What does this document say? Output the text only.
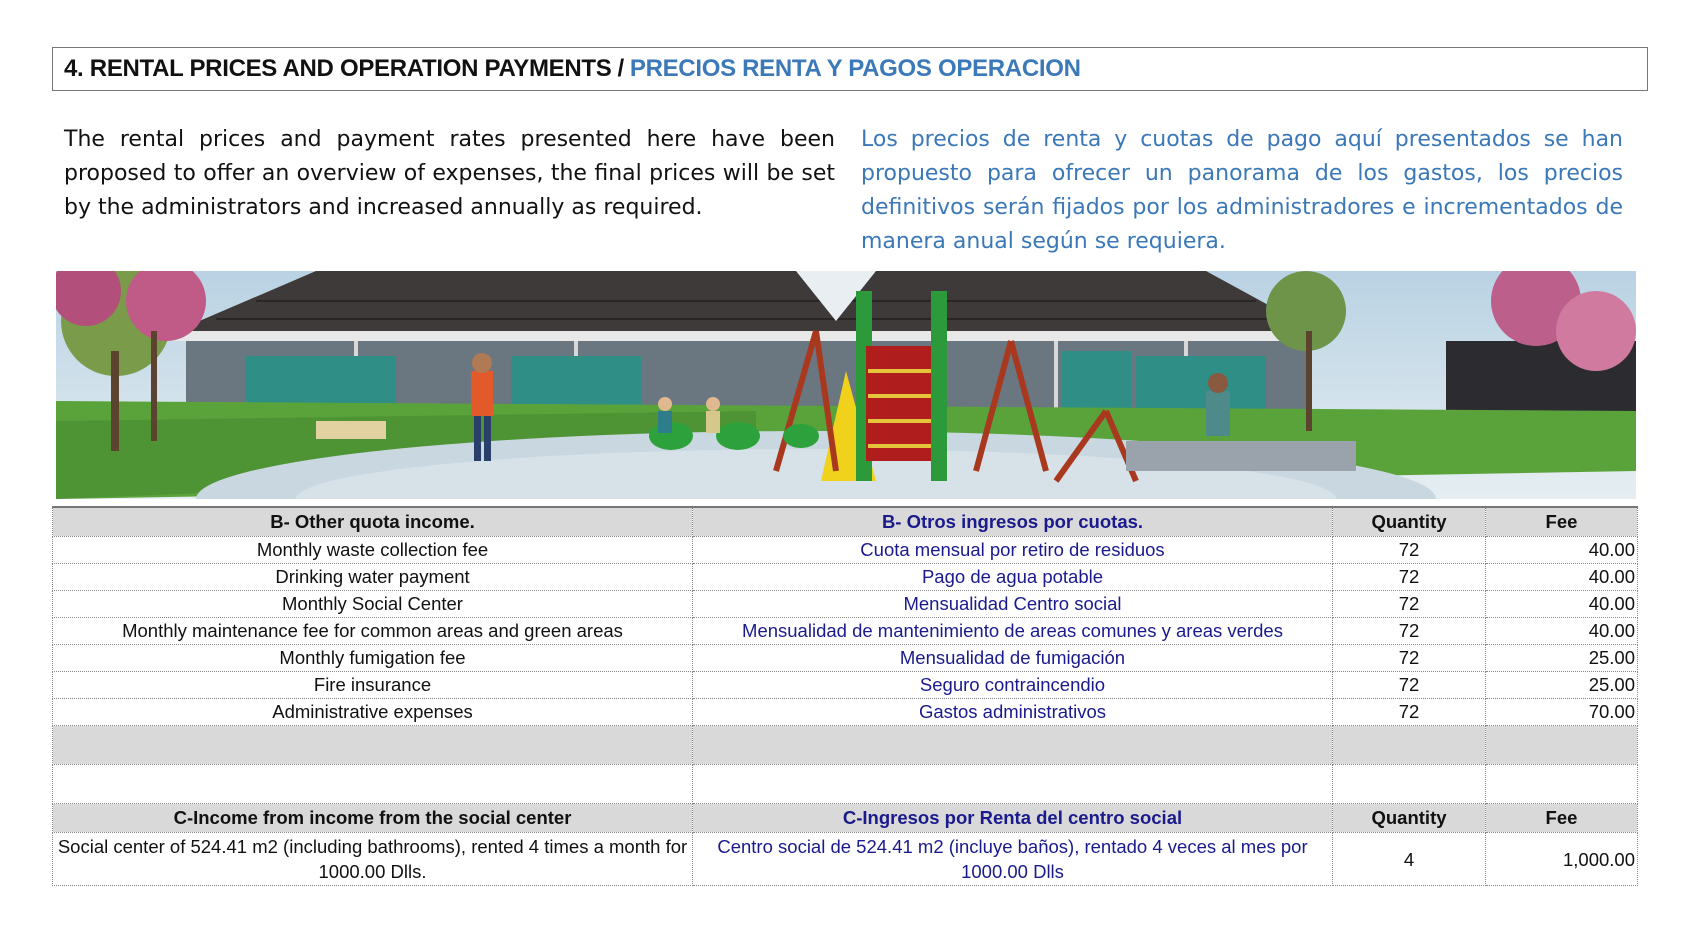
4. RENTAL PRICES AND OPERATION PAYMENTS / PRECIOS RENTA Y PAGOS OPERACION
The rental prices and payment rates presented here have been proposed to offer an overview of expenses, the final prices will be set by the administrators and increased annually as required.
Los precios de renta y cuotas de pago aquí presentados se han propuesto para ofrecer un panorama de los gastos, los precios definitivos serán fijados por los administradores e incrementados de manera anual según se requiera.
B- Other quota income.	B- Otros ingresos por cuotas.	Quantity	Fee
Monthly waste collection fee	Cuota mensual por retiro de residuos	72	40.00
Drinking water payment	Pago de agua potable	72	40.00
Monthly Social Center	Mensualidad Centro social	72	40.00
Monthly maintenance fee for common areas and green areas	Mensualidad de mantenimiento de areas comunes y areas verdes	72	40.00
Monthly fumigation fee	Mensualidad de fumigación	72	25.00
Fire insurance	Seguro contraincendio	72	25.00
Administrative expenses	Gastos administrativos	72	70.00

C-Income from income from the social center	C-Ingresos por Renta del centro social	Quantity	Fee
Social center of 524.41 m2 (including bathrooms), rented 4 times a month for 1000.00 Dlls.	Centro social de 524.41 m2 (incluye baños), rentado 4 veces al mes por 1000.00 Dlls	4	1,000.00
